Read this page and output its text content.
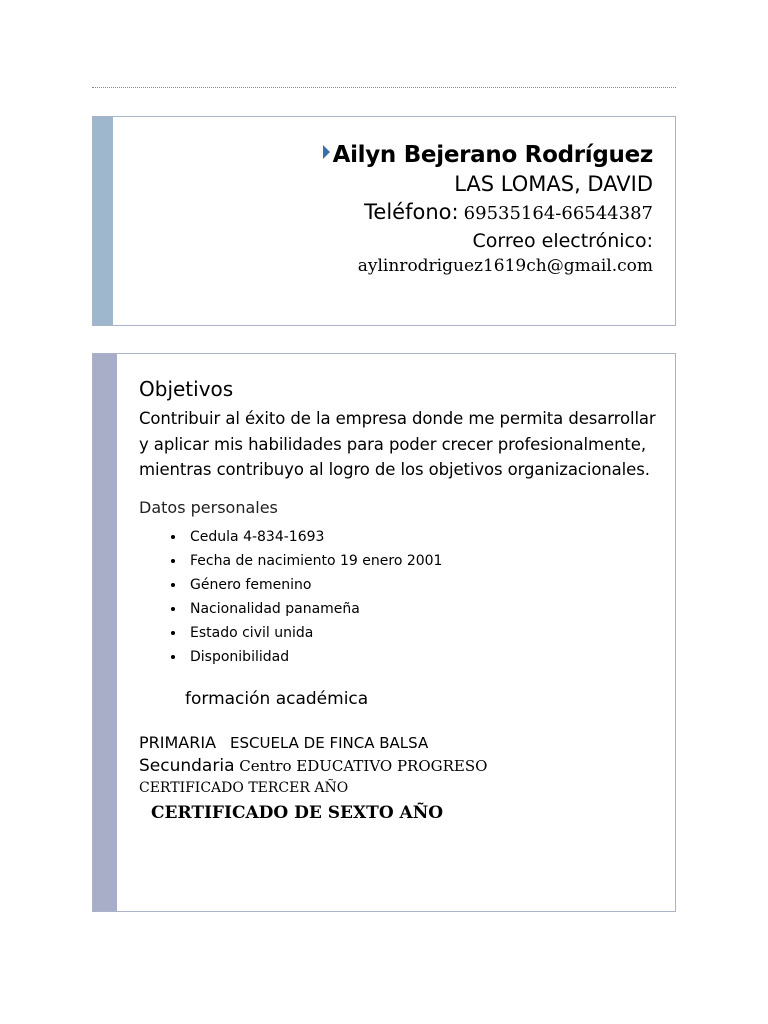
Ailyn Bejerano Rodríguez
LAS LOMAS, DAVID
Teléfono: 69535164-66544387
Correo electrónico:
aylinrodriguez1619ch@gmail.com
Objetivos
Contribuir al éxito de la empresa donde me permita desarrollar y aplicar mis habilidades para poder crecer profesionalmente, mientras contribuyo al logro de los objetivos organizacionales.
Datos personales
• Cedula 4-834-1693
• Fecha de nacimiento 19 enero 2001
• Género femenino
• Nacionalidad panameña
• Estado civil unida
• Disponibilidad
formación académica
PRIMARIA ESCUELA DE FINCA BALSA
Secundaria Centro EDUCATIVO PROGRESO
CERTIFICADO TERCER AÑO
CERTIFICADO DE SEXTO AÑO
